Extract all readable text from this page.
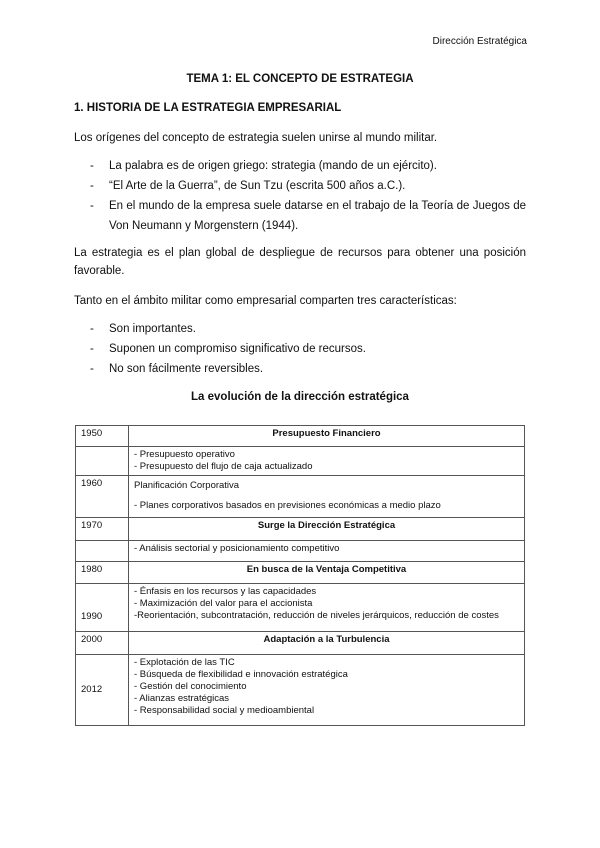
Dirección Estratégica
TEMA 1: EL CONCEPTO DE ESTRATEGIA
1. HISTORIA DE LA ESTRATEGIA EMPRESARIAL

Los orígenes del concepto de estrategia suelen unirse al mundo militar.

- La palabra es de origen griego: strategia (mando de un ejército).
- “El Arte de la Guerra”, de Sun Tzu (escrita 500 años a.C.).
- En el mundo de la empresa suele datarse en el trabajo de la Teoría de Juegos de Von Neumann y Morgenstern (1944).

La estrategia es el plan global de despliegue de recursos para obtener una posición favorable.

Tanto en el ámbito militar como empresarial comparten tres características:

- Son importantes.
- Suponen un compromiso significativo de recursos.
- No son fácilmente reversibles.
La evolución de la dirección estratégica
1950	Presupuesto Financiero

	- Presupuesto operativo
- Presupuesto del flujo de caja actualizado

1960	Planificación Corporativa
- Planes corporativos basados en previsiones económicas a medio plazo

1970	Surge la Dirección Estratégica
	- Análisis sectorial y posicionamiento competitivo
1980	En busca de la Ventaja Competitiva
1990	- Énfasis en los recursos y las capacidades
- Maximización del valor para el accionista
-Reorientación, subcontratación, reducción de niveles jerárquicos, reducción de costes

2000	Adaptación a la Turbulencia
2012	- Explotación de las TIC
- Búsqueda de flexibilidad e innovación estratégica
- Gestión del conocimiento
- Alianzas estratégicas
- Responsabilidad social y medioambiental
